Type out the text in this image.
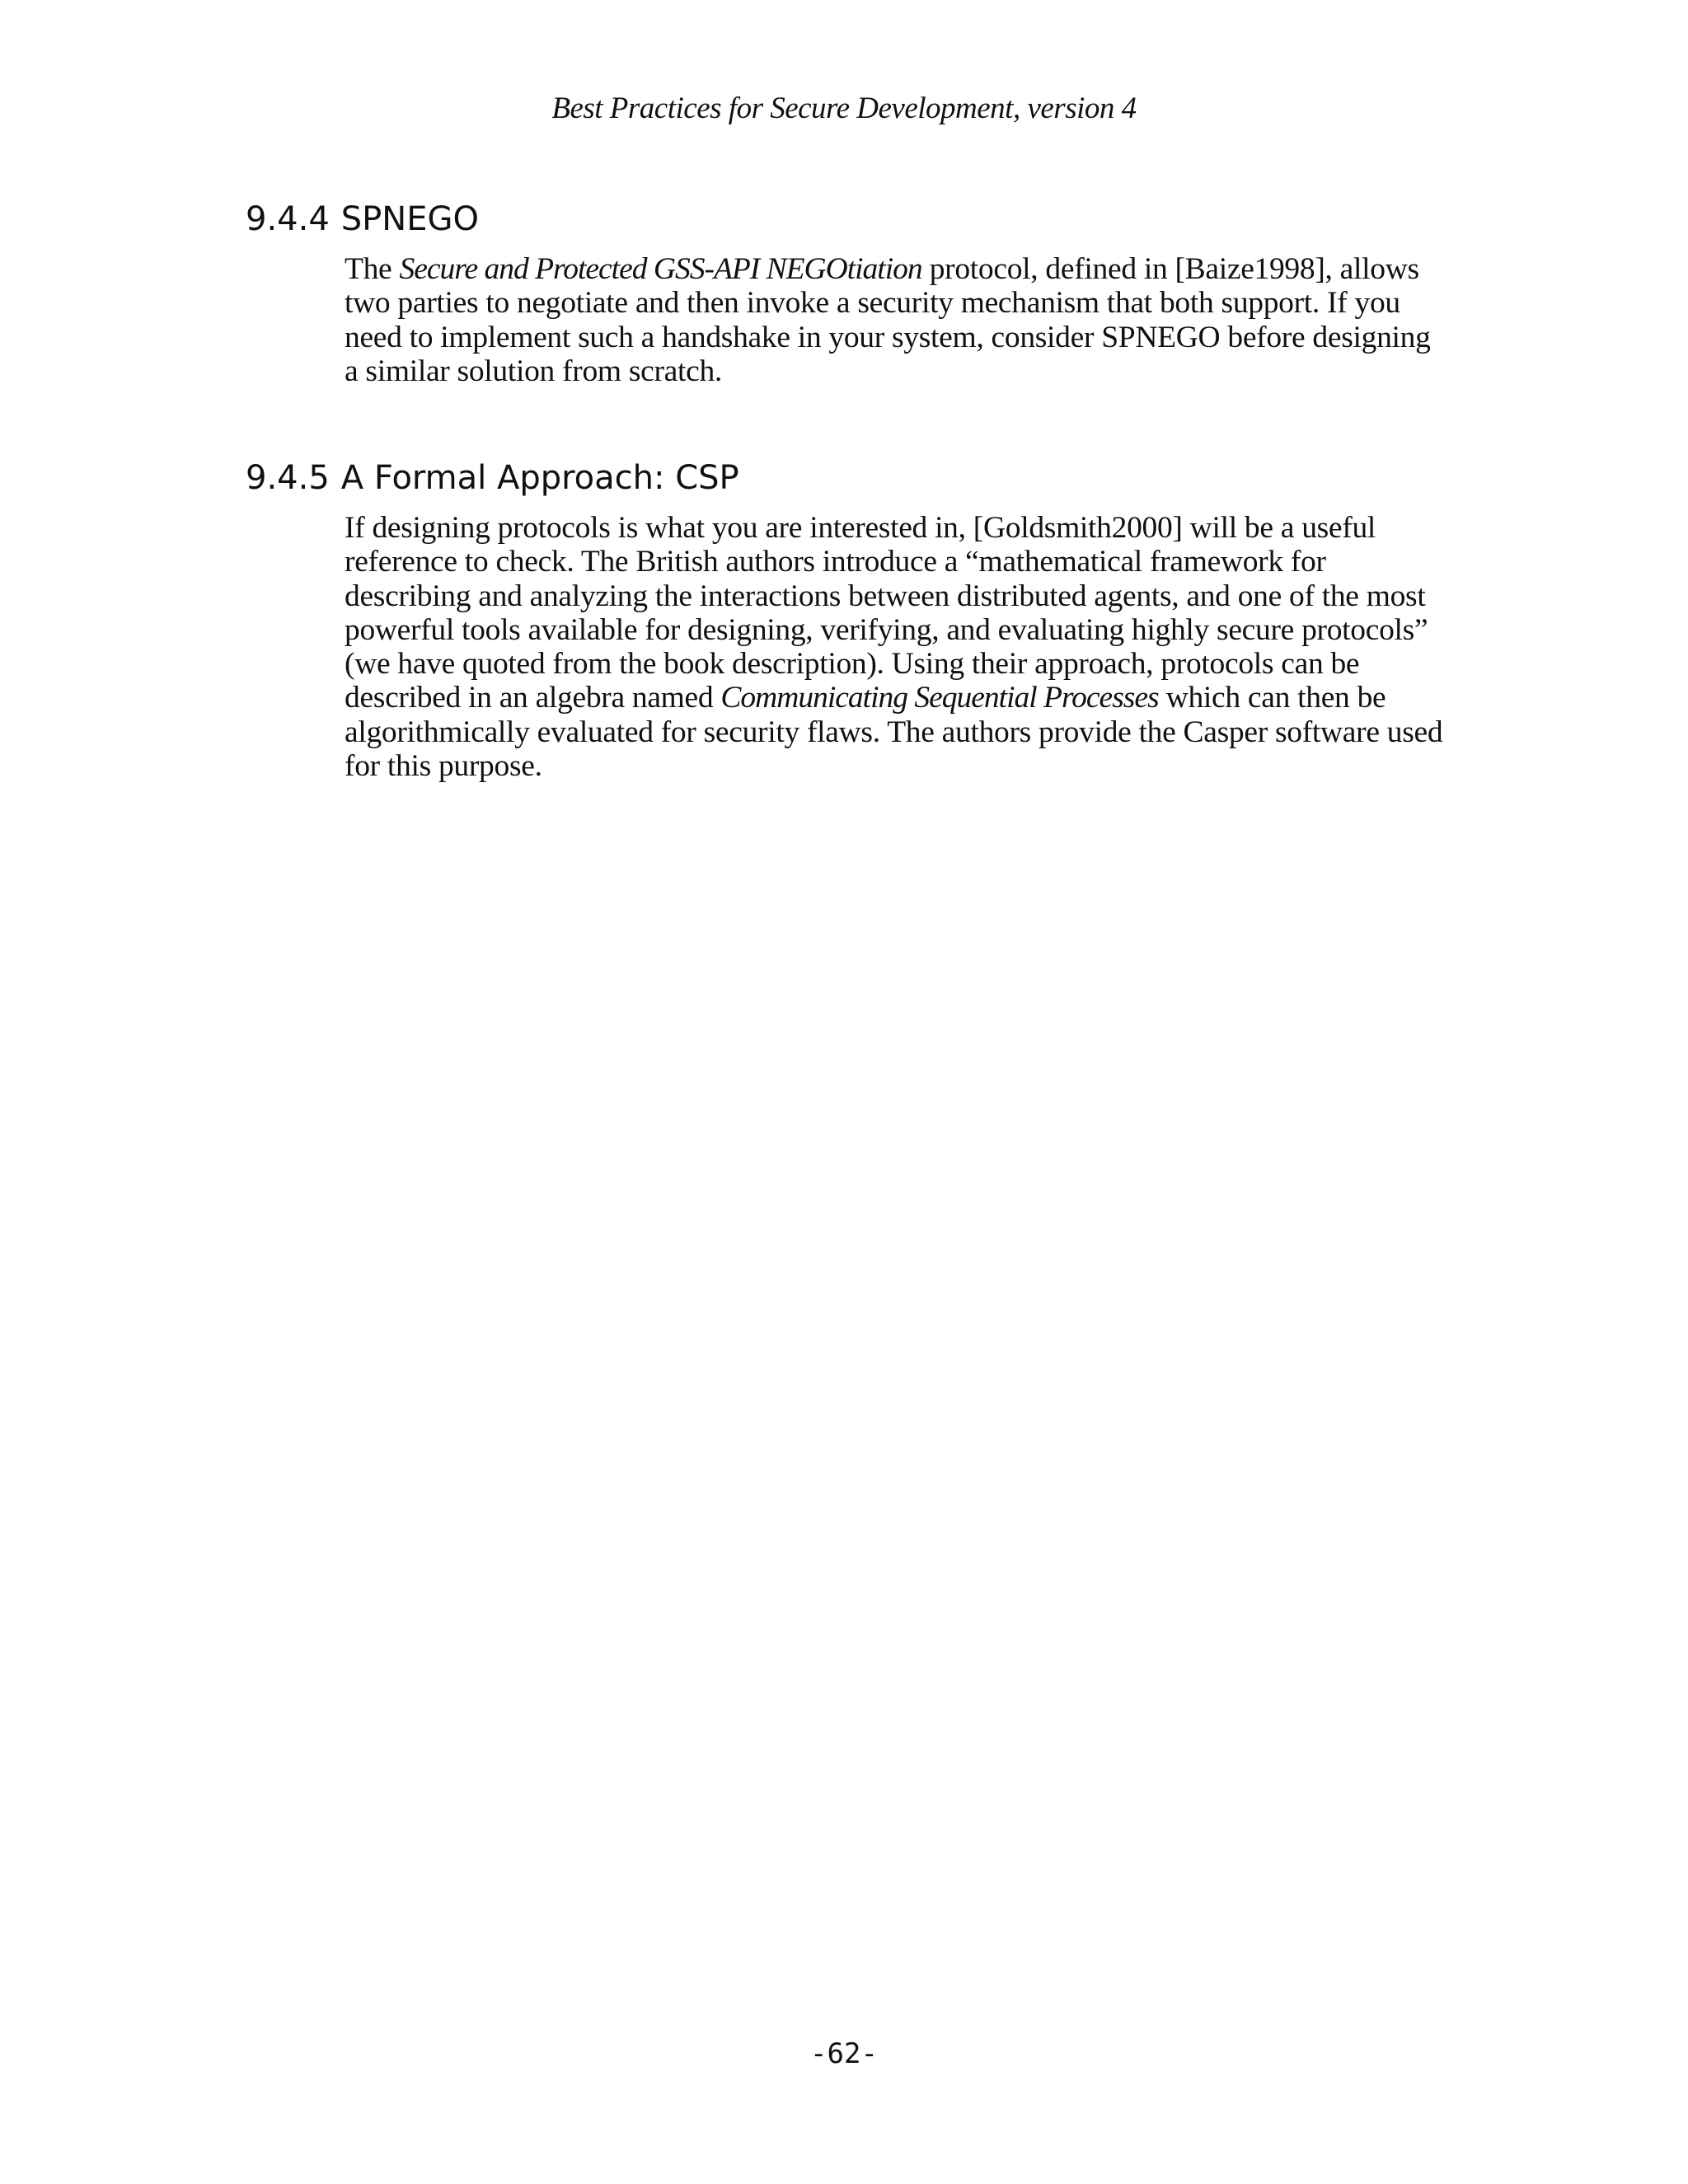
Best Practices for Secure Development, version 4
9.4.4 SPNEGO

The Secure and Protected GSS-API NEGOtiation protocol, defined in [Baize1998], allows two parties to negotiate and then invoke a security mechanism that both support. If you need to implement such a handshake in your system, consider SPNEGO before designing a similar solution from scratch.

9.4.5 A Formal Approach: CSP

If designing protocols is what you are interested in, [Goldsmith2000] will be a useful reference to check. The British authors introduce a “mathematical framework for describing and analyzing the interactions between distributed agents, and one of the most powerful tools available for designing, verifying, and evaluating highly secure protocols” (we have quoted from the book description). Using their approach, protocols can be described in an algebra named Communicating Sequential Processes which can then be algorithmically evaluated for security flaws. The authors provide the Casper software used for this purpose.

-62-
